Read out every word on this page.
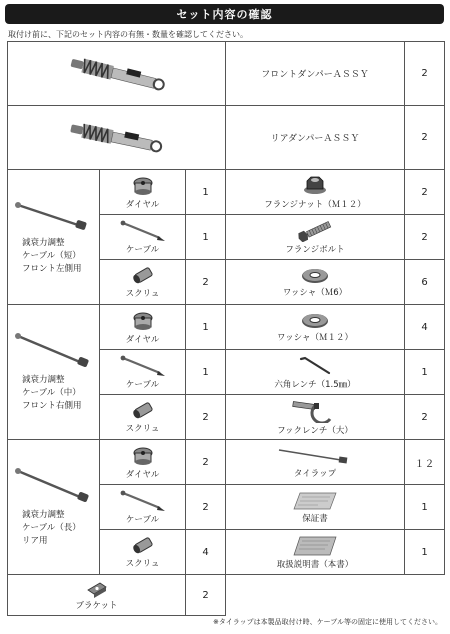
セット内容の確認
取付け前に、下記のセット内容の有無・数量を確認してください。
	フロントダンパーＡＳＳＹ	2

	リアダンパーＡＳＳＹ	2

減衰力調整
ケーブル（短）
フロント左側用	ダイヤル	1	フランジナット（Ｍ１２）	2

	ケーブル	1	フランジボルト	2

	スクリュ	2	ワッシャ（Ｍ6）	6

減衰力調整
ケーブル（中）
フロント右側用	ダイヤル	1	ワッシャ（Ｍ１２）	4

	ケーブル	1	六角レンチ（1.5㎜）	1

	スクリュ	2	フックレンチ（大）	2

減衰力調整
ケーブル（長）
リア用	ダイヤル	2	タイラップ	１２

	ケーブル	2	保証書	1

	スクリュ	4	取扱説明書（本書）	1

ブラケット		2		
※タイラップは本製品取付け時、ケーブル等の固定に使用してください。
